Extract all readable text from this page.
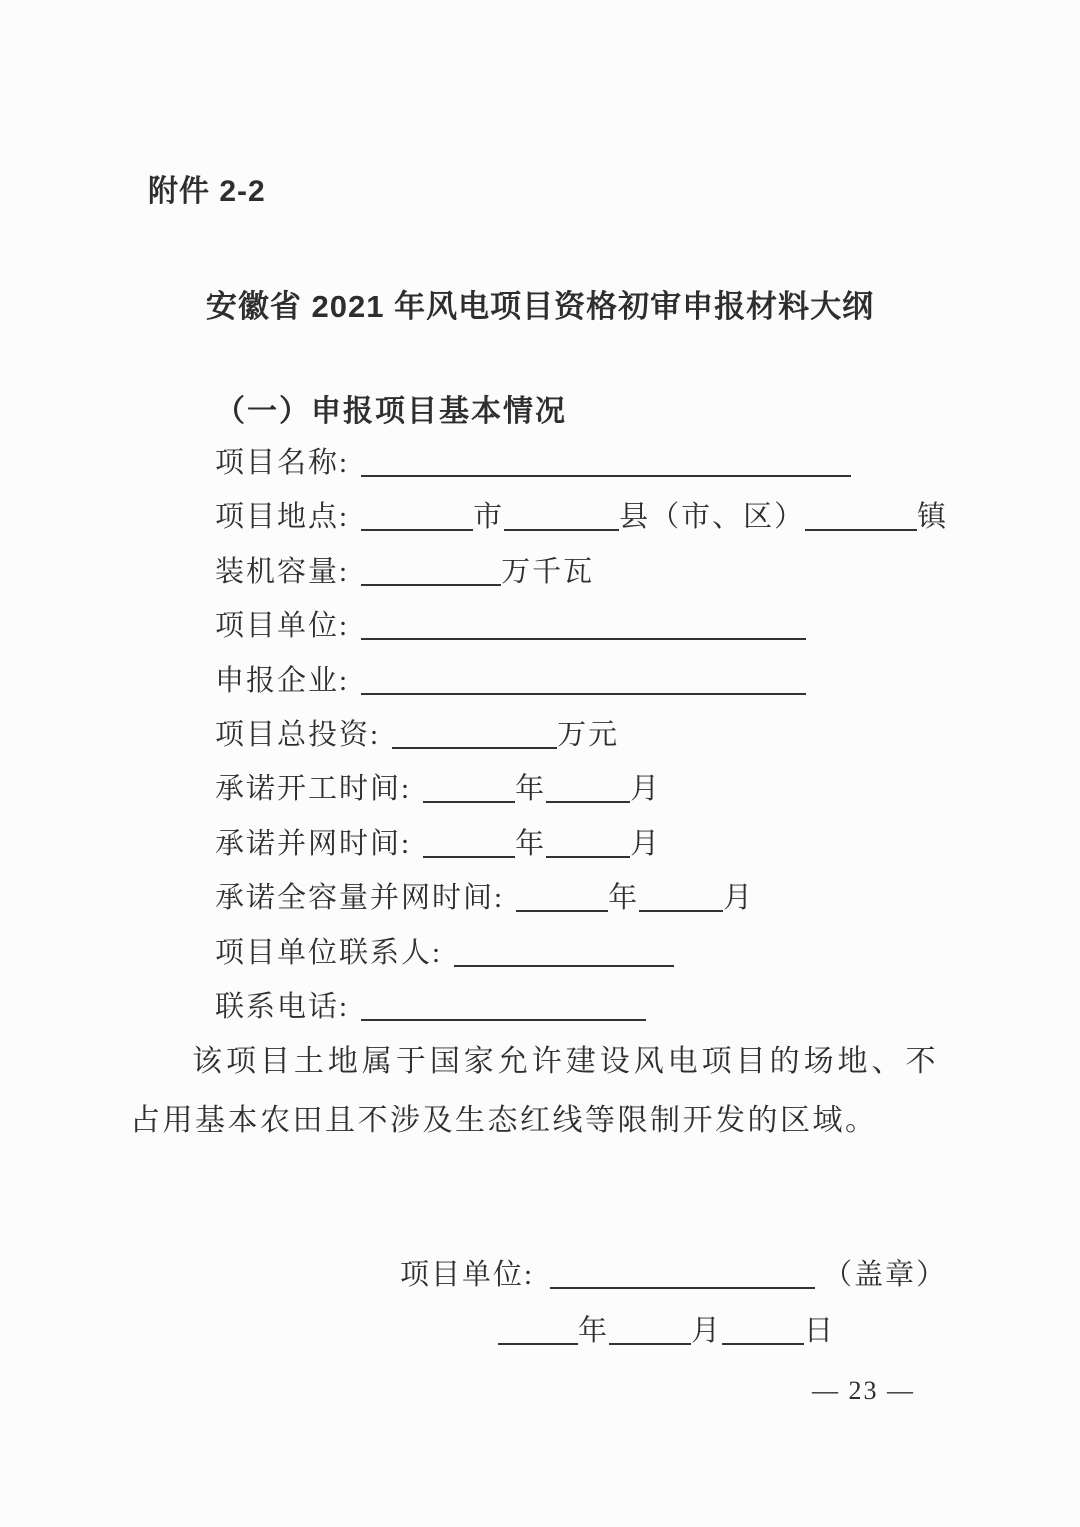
附件 2-2
安徽省 2021 年风电项目资格初审申报材料大纲
（一）申报项目基本情况
项目名称:
项目地点:	市	县（市、区）	镇
装机容量:	万千瓦
项目单位:
申报企业:
项目总投资:	万元
承诺开工时间:	年	月
承诺并网时间:	年	月
承诺全容量并网时间:	年	月
项目单位联系人:
联系电话:

该项目土地属于国家允许建设风电项目的场地、不占用基本农田且不涉及生态红线等限制开发的区域。

项目单位:	（盖章）
年	月	日
— 23 —
